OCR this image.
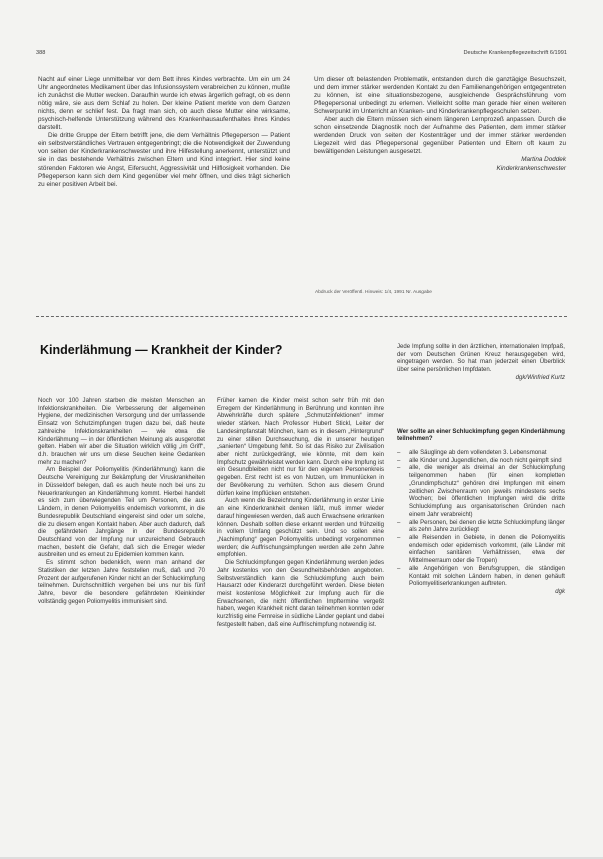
388	Deutsche Krankenpflegezeitschrift 6/1991

Nacht auf einer Liege unmittelbar vor dem Bett ihres Kindes verbrachte. Um ein um 24 Uhr angeordnetes Medikament über das Infusionssystem verabreichen zu können, mußte ich zunächst die Mutter wecken. Daraufhin wurde ich etwas ärgerlich gefragt, ob es denn nötig wäre, sie aus dem Schlaf zu holen. Der kleine Patient merkte von dem Ganzen nichts, denn er schlief fest. Da fragt man sich, ob auch diese Mutter eine wirksame, psychisch-helfende Unterstützung während des Krankenhausaufenthaltes ihres Kindes darstellt.

Die dritte Gruppe der Eltern betrifft jene, die dem Verhältnis Pflegeperson — Patient ein selbstverständliches Vertrauen entgegenbringt; die die Notwendigkeit der Zuwendung von seiten der Kinderkrankenschwester und ihre Hilfestellung anerkennt, unterstützt und sie in das bestehende Verhältnis zwischen Eltern und Kind integriert. Hier sind keine störenden Faktoren wie Angst, Eifersucht, Aggressivität und Hilflosigkeit vorhanden. Die Pflegeperson kann sich dem Kind gegenüber viel mehr öffnen, und dies trägt sicherlich zu einer positiven Arbeit bei.

Um dieser oft belastenden Problematik, entstanden durch die ganztägige Besuchszeit, und dem immer stärker werdenden Kontakt zu den Familienangehörigen entgegentreten zu können, ist eine situationsbezogene, ausgleichende Gesprächsführung vom Pflegepersonal unbedingt zu erlernen. Vielleicht sollte man gerade hier einen weiteren Schwerpunkt im Unterricht an Kranken- und Kinderkrankenpflegeschulen setzen.

Aber auch die Eltern müssen sich einem längeren Lernprozeß anpassen. Durch die schon einsetzende Diagnostik noch der Aufnahme des Patienten, dem immer stärker werdenden Druck von seiten der Kostenträger und der immer stärker werdenden Liegezeit wird das Pflegepersonal gegenüber Patienten und Eltern oft kaum zu bewältigenden Leistungen ausgesetzt.

Martina Doddek

Kinderkrankenschwester

Abdruck der Veröffentl. Hinweis: 1/4, 1991 Nr. Ausgabe
Kinderlähmung — Krankheit der Kinder?

Noch vor 100 Jahren starben die meisten Menschen an Infektionskrankheiten. Die Verbesserung der allgemeinen Hygiene, der medizinischen Versorgung und der umfassende Einsatz von Schutzimpfungen trugen dazu bei, daß heute zahlreiche Infektionskrankheiten — wie etwa die Kinderlähmung — in der öffentlichen Meinung als ausgerottet gelten. Haben wir aber die Situation wirklich völlig „im Griff“, d.h. brauchen wir uns um diese Seuchen keine Gedanken mehr zu machen?

Am Beispiel der Poliomyelitis (Kinderlähmung) kann die Deutsche Vereinigung zur Bekämpfung der Viruskrankheiten in Düsseldorf belegen, daß es auch heute noch bei uns zu Neuerkrankungen an Kinderlähmung kommt. Hierbei handelt es sich zum überwiegenden Teil um Personen, die aus Ländern, in denen Poliomyelitis endemisch vorkommt, in die Bundesrepublik Deutschland eingereist sind oder um solche, die zu diesem engen Kontakt haben. Aber auch dadurch, daß die gefährdeten Jahrgänge in der Bundesrepublik Deutschland von der Impfung nur unzureichend Gebrauch machen, besteht die Gefahr, daß sich die Erreger wieder ausbreiten und es erneut zu Epidemien kommen kann.

Es stimmt schon bedenklich, wenn man anhand der Statistiken der letzten Jahre feststellen muß, daß und 70 Prozent der aufgerufenen Kinder nicht an der Schluckimpfung teilnehmen. Durchschnittlich vergehen bei uns nur bis fünf Jahre, bevor die besondere gefährdeten Kleinkinder vollständig gegen Poliomyelitis immunisiert sind.

Früher kamen die Kinder meist schon sehr früh mit den Erregern der Kinderlähmung in Berührung und konnten ihre Abwehrkräfte durch spätere „Schmutzinfektionen“ immer wieder stärken. Nach Professor Hubert Stickl, Leiter der Landesimpfanstalt München, kam es in diesem „Hintergrund“ zu einer stillen Durchseuchung, die in unserer heutigen „sanierten“ Umgebung fehlt. So ist das Risiko zur Zivilisation aber nicht zurückgedrängt, wie könnte, mit dem kein Impfschutz gewährleistet werden kann. Durch eine Impfung ist ein Gesundbleiben nicht nur für den eigenen Personenkreis gegeben. Erst recht ist es von Nutzen, um Immunlücken in der Bevölkerung zu verhüten. Schon aus diesem Grund dürfen keine Impflücken entstehen.

Auch wenn die Bezeichnung Kinderlähmung in erster Linie an eine Kinderkrankheit denken läßt, muß immer wieder darauf hingewiesen werden, daß auch Erwachsene erkranken können. Deshalb sollten diese erkannt werden und frühzeitig in vollem Umfang geschützt sein. Und so sollen eine „Nachimpfung“ gegen Poliomyelitis unbedingt vorgenommen werden; die Auffrischungsimpfungen werden alle zehn Jahre empfohlen.

Die Schluckimpfungen gegen Kinderlähmung werden jedes Jahr kostenlos von den Gesundheitsbehörden angeboten. Selbstverständlich kann die Schluckimpfung auch beim Hausarzt oder Kinderarzt durchgeführt werden. Diese bieten meist kostenlose Möglichkeit zur Impfung auch für die Erwachsenen, die nicht öffentlichen Impftermine vergeßt haben, wegen Krankheit nicht daran teilnehmen konnten oder kurzfristig eine Fernreise in südliche Länder geplant und dabei festgestellt haben, daß eine Auffrischimpfung notwendig ist.

Jede Impfung sollte in den ärztlichen, internationalen Impfpaß, der vom Deutschen Grünen Kreuz herausgegeben wird, eingetragen werden. So hat man jederzeit einen Überblick über seine persönlichen Impfdaten.

dgk/Winfried Kurtz

Wer sollte an einer Schluckimpfung gegen Kinderlähmung teilnehmen?

– alle Säuglinge ab dem vollendeten 3. Lebensmonat
– alle Kinder und Jugendlichen, die noch nicht geimpft sind
– alle, die weniger als dreimal an der Schluckimpfung teilgenommen haben (für einen kompletten „Grundimpfschutz“ gehören drei Impfungen mit einem zeitlichen Zwischenraum von jeweils mindestens sechs Wochen; bei öffentlichen Impfungen wird die dritte Schluckimpfung aus organisatorischen Gründen nach einem Jahr verabreicht)
– alle Personen, bei denen die letzte Schluckimpfung länger als zehn Jahre zurückliegt
– alle Reisenden in Gebiete, in denen die Poliomyelitis endemisch oder epidemisch vorkommt, (alle Länder mit einfachen sanitären Verhältnissen, etwa der Mittelmeerraum oder die Tropen)
– alle Angehörigen von Berufsgruppen, die ständigen Kontakt mit solchen Ländern haben, in denen gehäuft Poliomyelitiserkrankungen auftreten.

dgk
